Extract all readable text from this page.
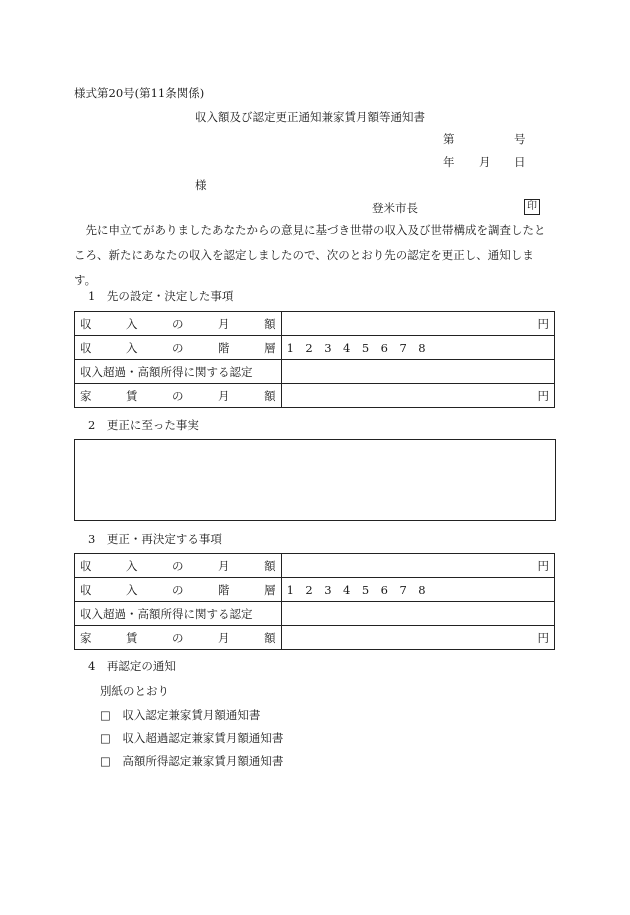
様式第20号(第11条関係)
収入額及び認定更正通知兼家賃月額等通知書
第	号
年 月 日
様
登米市長	印
先に申立てがありましたあなたからの意見に基づき世帯の収入及び世帯構成を調査したところ、新たにあなたの収入を認定しましたので、次のとおり先の認定を更正し、通知します。
1　先の設定・決定した事項
収 入 の 月 額	円

収 入 の 階 層	1　2　3　4　5　6　7　8
収入超過・高額所得に関する認定	

家 賃 の 月 額	円
2　更正に至った事実
3　更正・再決定する事項
収 入 の 月 額	円

収 入 の 階 層	1　2　3　4　5　6　7　8
収入超過・高額所得に関する認定	

家 賃 の 月 額	円
4　再認定の通知
別紙のとおり
□　収入認定兼家賃月額通知書
□　収入超過認定兼家賃月額通知書
□　高額所得認定兼家賃月額通知書
